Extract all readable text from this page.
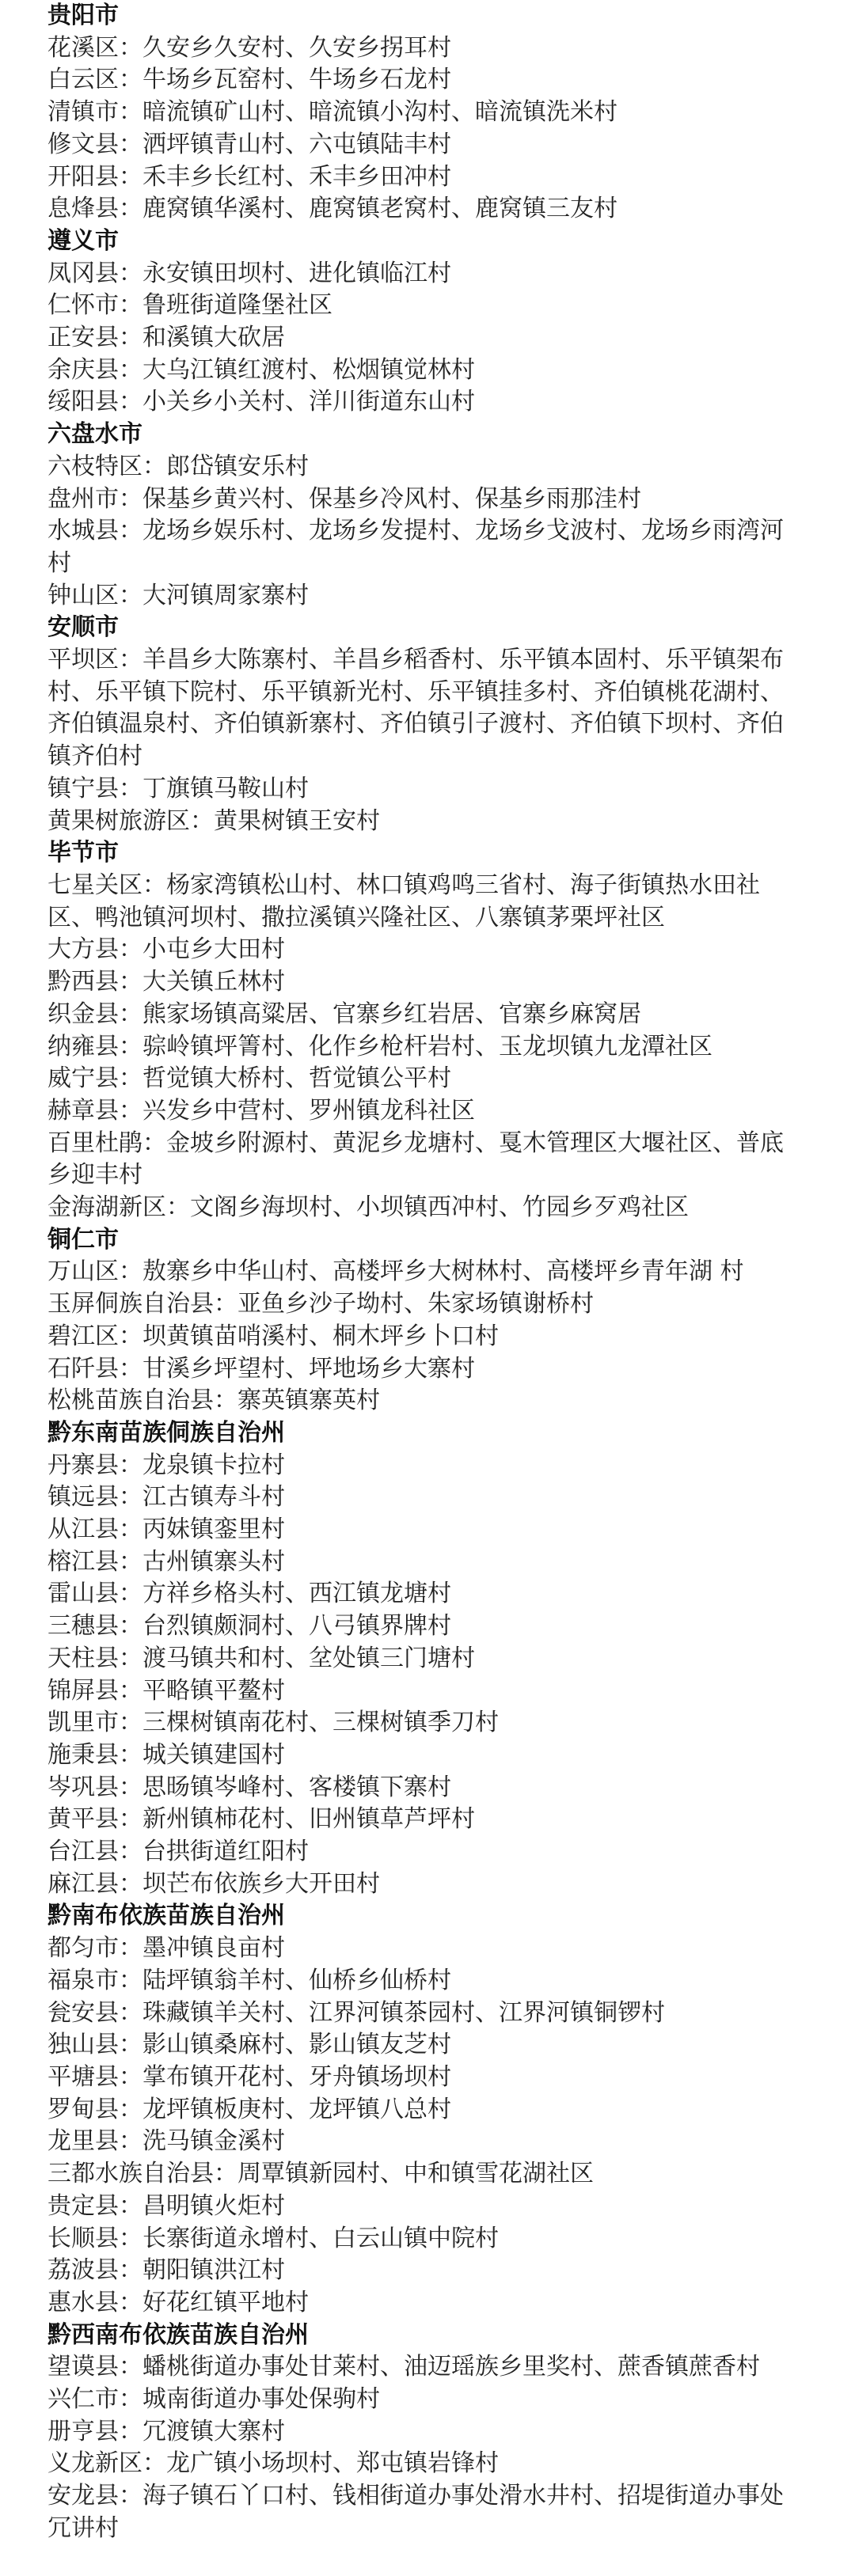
贵阳市
花溪区：久安乡久安村、久安乡拐耳村
白云区：牛场乡瓦窑村、牛场乡石龙村
清镇市：暗流镇矿山村、暗流镇小沟村、暗流镇洗米村
修文县：洒坪镇青山村、六屯镇陆丰村
开阳县：禾丰乡长红村、禾丰乡田冲村
息烽县：鹿窝镇华溪村、鹿窝镇老窝村、鹿窝镇三友村
遵义市
凤冈县：永安镇田坝村、进化镇临江村
仁怀市：鲁班街道隆堡社区
正安县：和溪镇大砍居
余庆县：大乌江镇红渡村、松烟镇觉林村
绥阳县：小关乡小关村、洋川街道东山村
六盘水市
六枝特区：郎岱镇安乐村
盘州市：保基乡黄兴村、保基乡冷风村、保基乡雨那洼村
水城县：龙场乡娱乐村、龙场乡发提村、龙场乡戈波村、龙场乡雨湾河村
钟山区：大河镇周家寨村
安顺市
平坝区：羊昌乡大陈寨村、羊昌乡稻香村、乐平镇本固村、乐平镇架布村、乐平镇下院村、乐平镇新光村、乐平镇挂多村、齐伯镇桃花湖村、齐伯镇温泉村、齐伯镇新寨村、齐伯镇引子渡村、齐伯镇下坝村、齐伯镇齐伯村
镇宁县：丁旗镇马鞍山村
黄果树旅游区：黄果树镇王安村
毕节市
七星关区：杨家湾镇松山村、林口镇鸡鸣三省村、海子街镇热水田社区、鸭池镇河坝村、撒拉溪镇兴隆社区、八寨镇茅栗坪社区
大方县：小屯乡大田村
黔西县：大关镇丘林村
织金县：熊家场镇高粱居、官寨乡红岩居、官寨乡麻窝居
纳雍县：骔岭镇坪箐村、化作乡枪杆岩村、玉龙坝镇九龙潭社区
威宁县：哲觉镇大桥村、哲觉镇公平村
赫章县：兴发乡中营村、罗州镇龙科社区
百里杜鹃：金坡乡附源村、黄泥乡龙塘村、戛木管理区大堰社区、普底乡迎丰村
金海湖新区：文阁乡海坝村、小坝镇西冲村、竹园乡歹鸡社区
铜仁市
万山区：敖寨乡中华山村、高楼坪乡大树林村、高楼坪乡青年湖 村
玉屏侗族自治县：亚鱼乡沙子坳村、朱家场镇谢桥村
碧江区：坝黄镇苗哨溪村、桐木坪乡卜口村
石阡县：甘溪乡坪望村、坪地场乡大寨村
松桃苗族自治县：寨英镇寨英村
黔东南苗族侗族自治州
丹寨县：龙泉镇卡拉村
镇远县：江古镇寿斗村
从江县：丙妹镇銮里村
榕江县：古州镇寨头村
雷山县：方祥乡格头村、西江镇龙塘村
三穗县：台烈镇颇洞村、八弓镇界牌村
天柱县：渡马镇共和村、坌处镇三门塘村
锦屏县：平略镇平鳌村
凯里市：三棵树镇南花村、三棵树镇季刀村
施秉县：城关镇建国村
岑巩县：思旸镇岑峰村、客楼镇下寨村
黄平县：新州镇柿花村、旧州镇草芦坪村
台江县：台拱街道红阳村
麻江县：坝芒布依族乡大开田村
黔南布依族苗族自治州
都匀市：墨冲镇良亩村
福泉市：陆坪镇翁羊村、仙桥乡仙桥村
瓮安县：珠藏镇羊关村、江界河镇茶园村、江界河镇铜锣村
独山县：影山镇桑麻村、影山镇友芝村
平塘县：掌布镇开花村、牙舟镇场坝村
罗甸县：龙坪镇板庚村、龙坪镇八总村
龙里县：洗马镇金溪村
三都水族自治县：周覃镇新园村、中和镇雪花湖社区
贵定县：昌明镇火炬村
长顺县：长寨街道永增村、白云山镇中院村
荔波县：朝阳镇洪江村
惠水县：好花红镇平地村
黔西南布依族苗族自治州
望谟县：蟠桃街道办事处甘莱村、油迈瑶族乡里奖村、蔗香镇蔗香村
兴仁市：城南街道办事处保驹村
册亨县：冗渡镇大寨村
义龙新区：龙广镇小场坝村、郑屯镇岩锋村
安龙县：海子镇石丫口村、钱相街道办事处滑水井村、招堤街道办事处冗讲村
